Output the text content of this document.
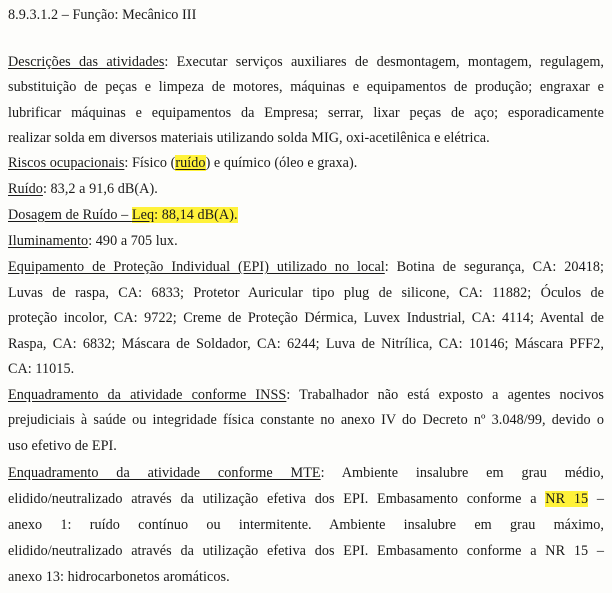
8.9.3.1.2 – Função: Mecânico III
Descrições das atividades: Executar serviços auxiliares de desmontagem, montagem, regulagem,
substituição de peças e limpeza de motores, máquinas e equipamentos de produção; engraxar e
lubrificar máquinas e equipamentos da Empresa; serrar, lixar peças de aço; esporadicamente
realizar solda em diversos materiais utilizando solda MIG, oxi-acetilênica e elétrica.
Riscos ocupacionais: Físico (ruído) e químico (óleo e graxa).
Ruído: 83,2 a 91,6 dB(A).
Dosagem de Ruído – Leq: 88,14 dB(A).
Iluminamento: 490 a 705 lux.
Equipamento de Proteção Individual (EPI) utilizado no local: Botina de segurança, CA: 20418;
Luvas de raspa, CA: 6833; Protetor Auricular tipo plug de silicone, CA: 11882; Óculos de
proteção incolor, CA: 9722; Creme de Proteção Dérmica, Luvex Industrial, CA: 4114; Avental de
Raspa, CA: 6832; Máscara de Soldador, CA: 6244; Luva de Nitrílica, CA: 10146; Máscara PFF2,
CA: 11015.
Enquadramento da atividade conforme INSS: Trabalhador não está exposto a agentes nocivos
prejudiciais à saúde ou integridade física constante no anexo IV do Decreto nº 3.048/99, devido o
uso efetivo de EPI.
Enquadramento da atividade conforme MTE: Ambiente insalubre em grau médio,
elidido/neutralizado através da utilização efetiva dos EPI. Embasamento conforme a NR 15 –
anexo 1: ruído contínuo ou intermitente. Ambiente insalubre em grau máximo,
elidido/neutralizado através da utilização efetiva dos EPI. Embasamento conforme a NR 15 –
anexo 13: hidrocarbonetos aromáticos.
